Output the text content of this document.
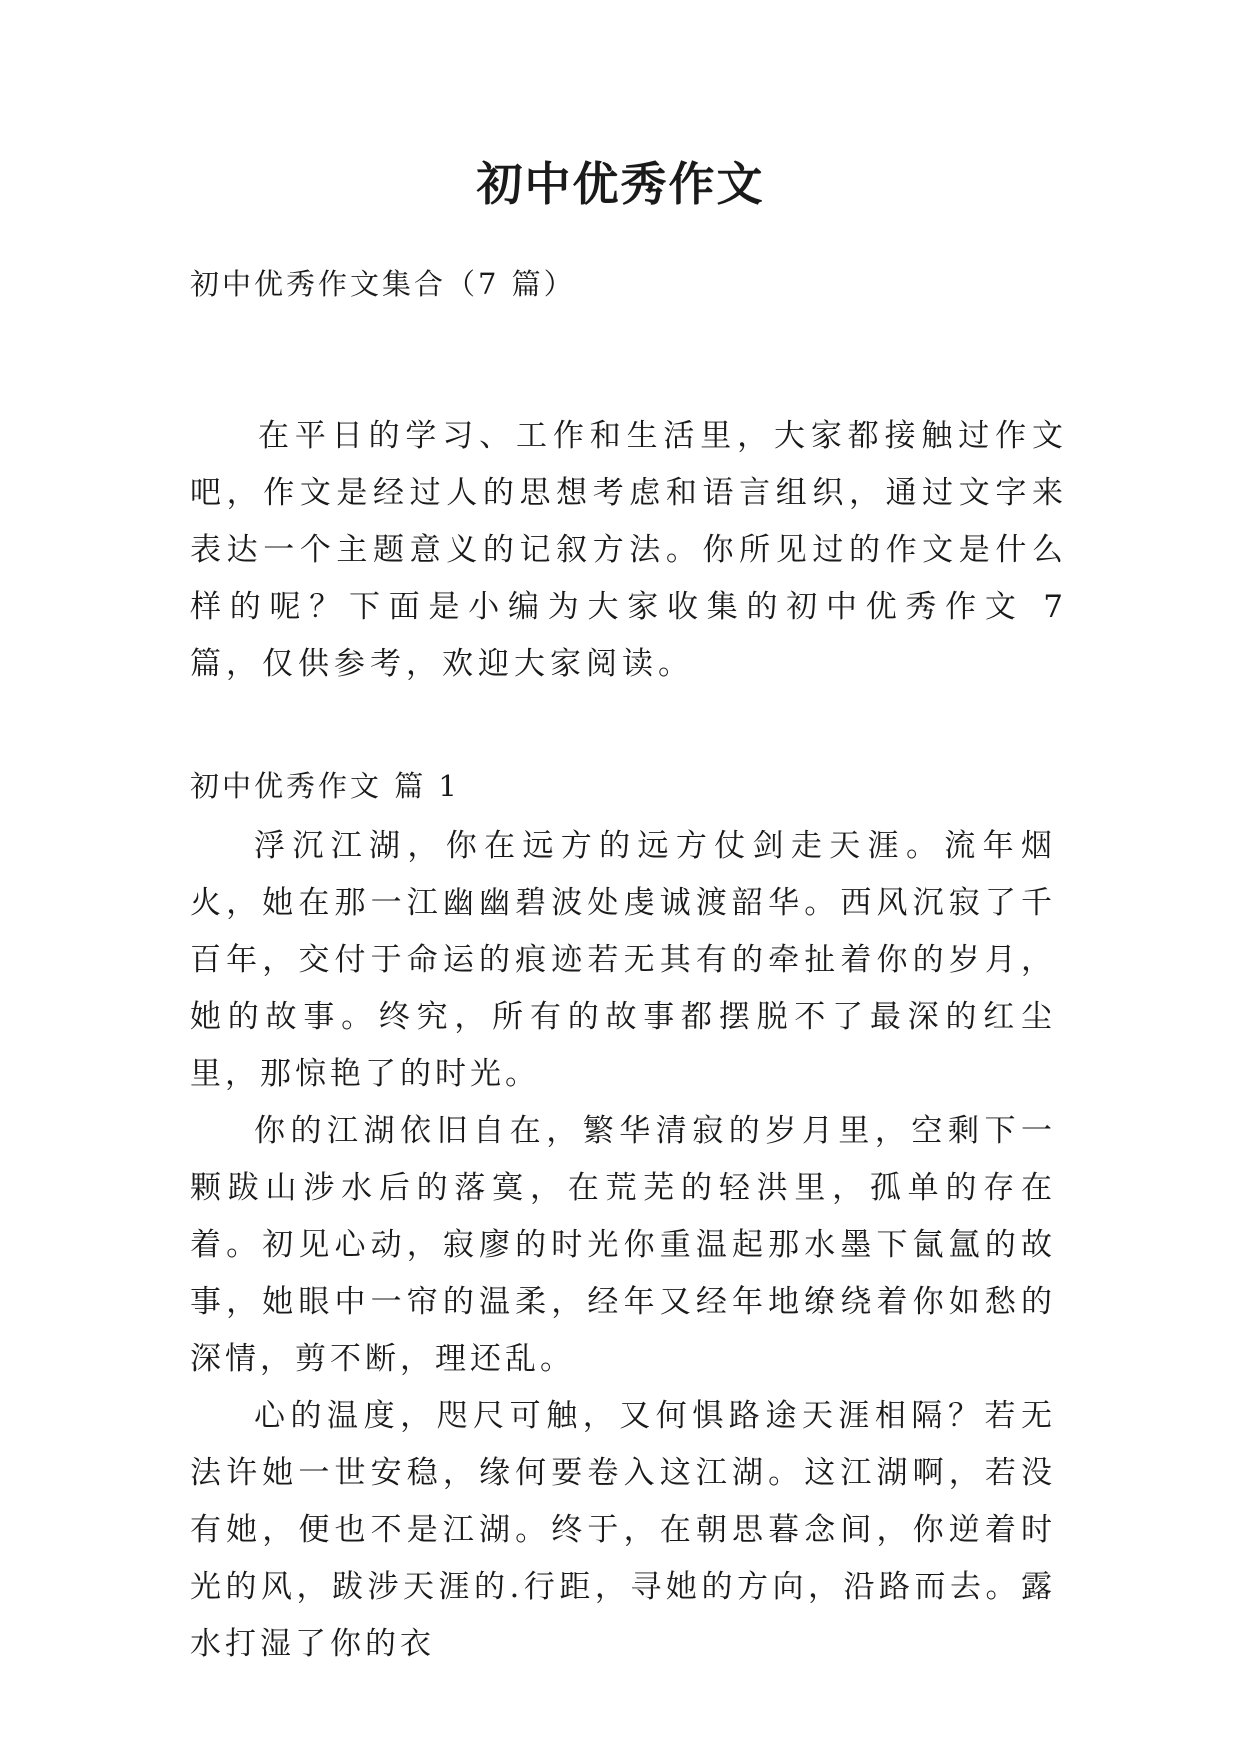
初中优秀作文
初中优秀作文集合（7 篇）

在平日的学习、工作和生活里，大家都接触过作文吧，作文是经过人的思想考虑和语言组织，通过文字来表达一个主题意义的记叙方法。你所见过的作文是什么样的呢？下面是小编为大家收集的初中优秀作文 7 篇，仅供参考，欢迎大家阅读。

初中优秀作文 篇 1

浮沉江湖，你在远方的远方仗剑走天涯。流年烟火，她在那一江幽幽碧波处虔诚渡韶华。西风沉寂了千百年，交付于命运的痕迹若无其有的牵扯着你的岁月，她的故事。终究，所有的故事都摆脱不了最深的红尘里，那惊艳了的时光。

你的江湖依旧自在，繁华清寂的岁月里，空剩下一颗跋山涉水后的落寞，在荒芜的轻洪里，孤单的存在着。初见心动，寂廖的时光你重温起那水墨下氤氲的故事，她眼中一帘的温柔，经年又经年地缭绕着你如愁的深情，剪不断，理还乱。

心的温度，咫尺可触，又何惧路途天涯相隔？若无法许她一世安稳，缘何要卷入这江湖。这江湖啊，若没有她，便也不是江湖。终于，在朝思暮念间，你逆着时光的风，跋涉天涯的.行距，寻她的方向，沿路而去。露水打湿了你的衣
